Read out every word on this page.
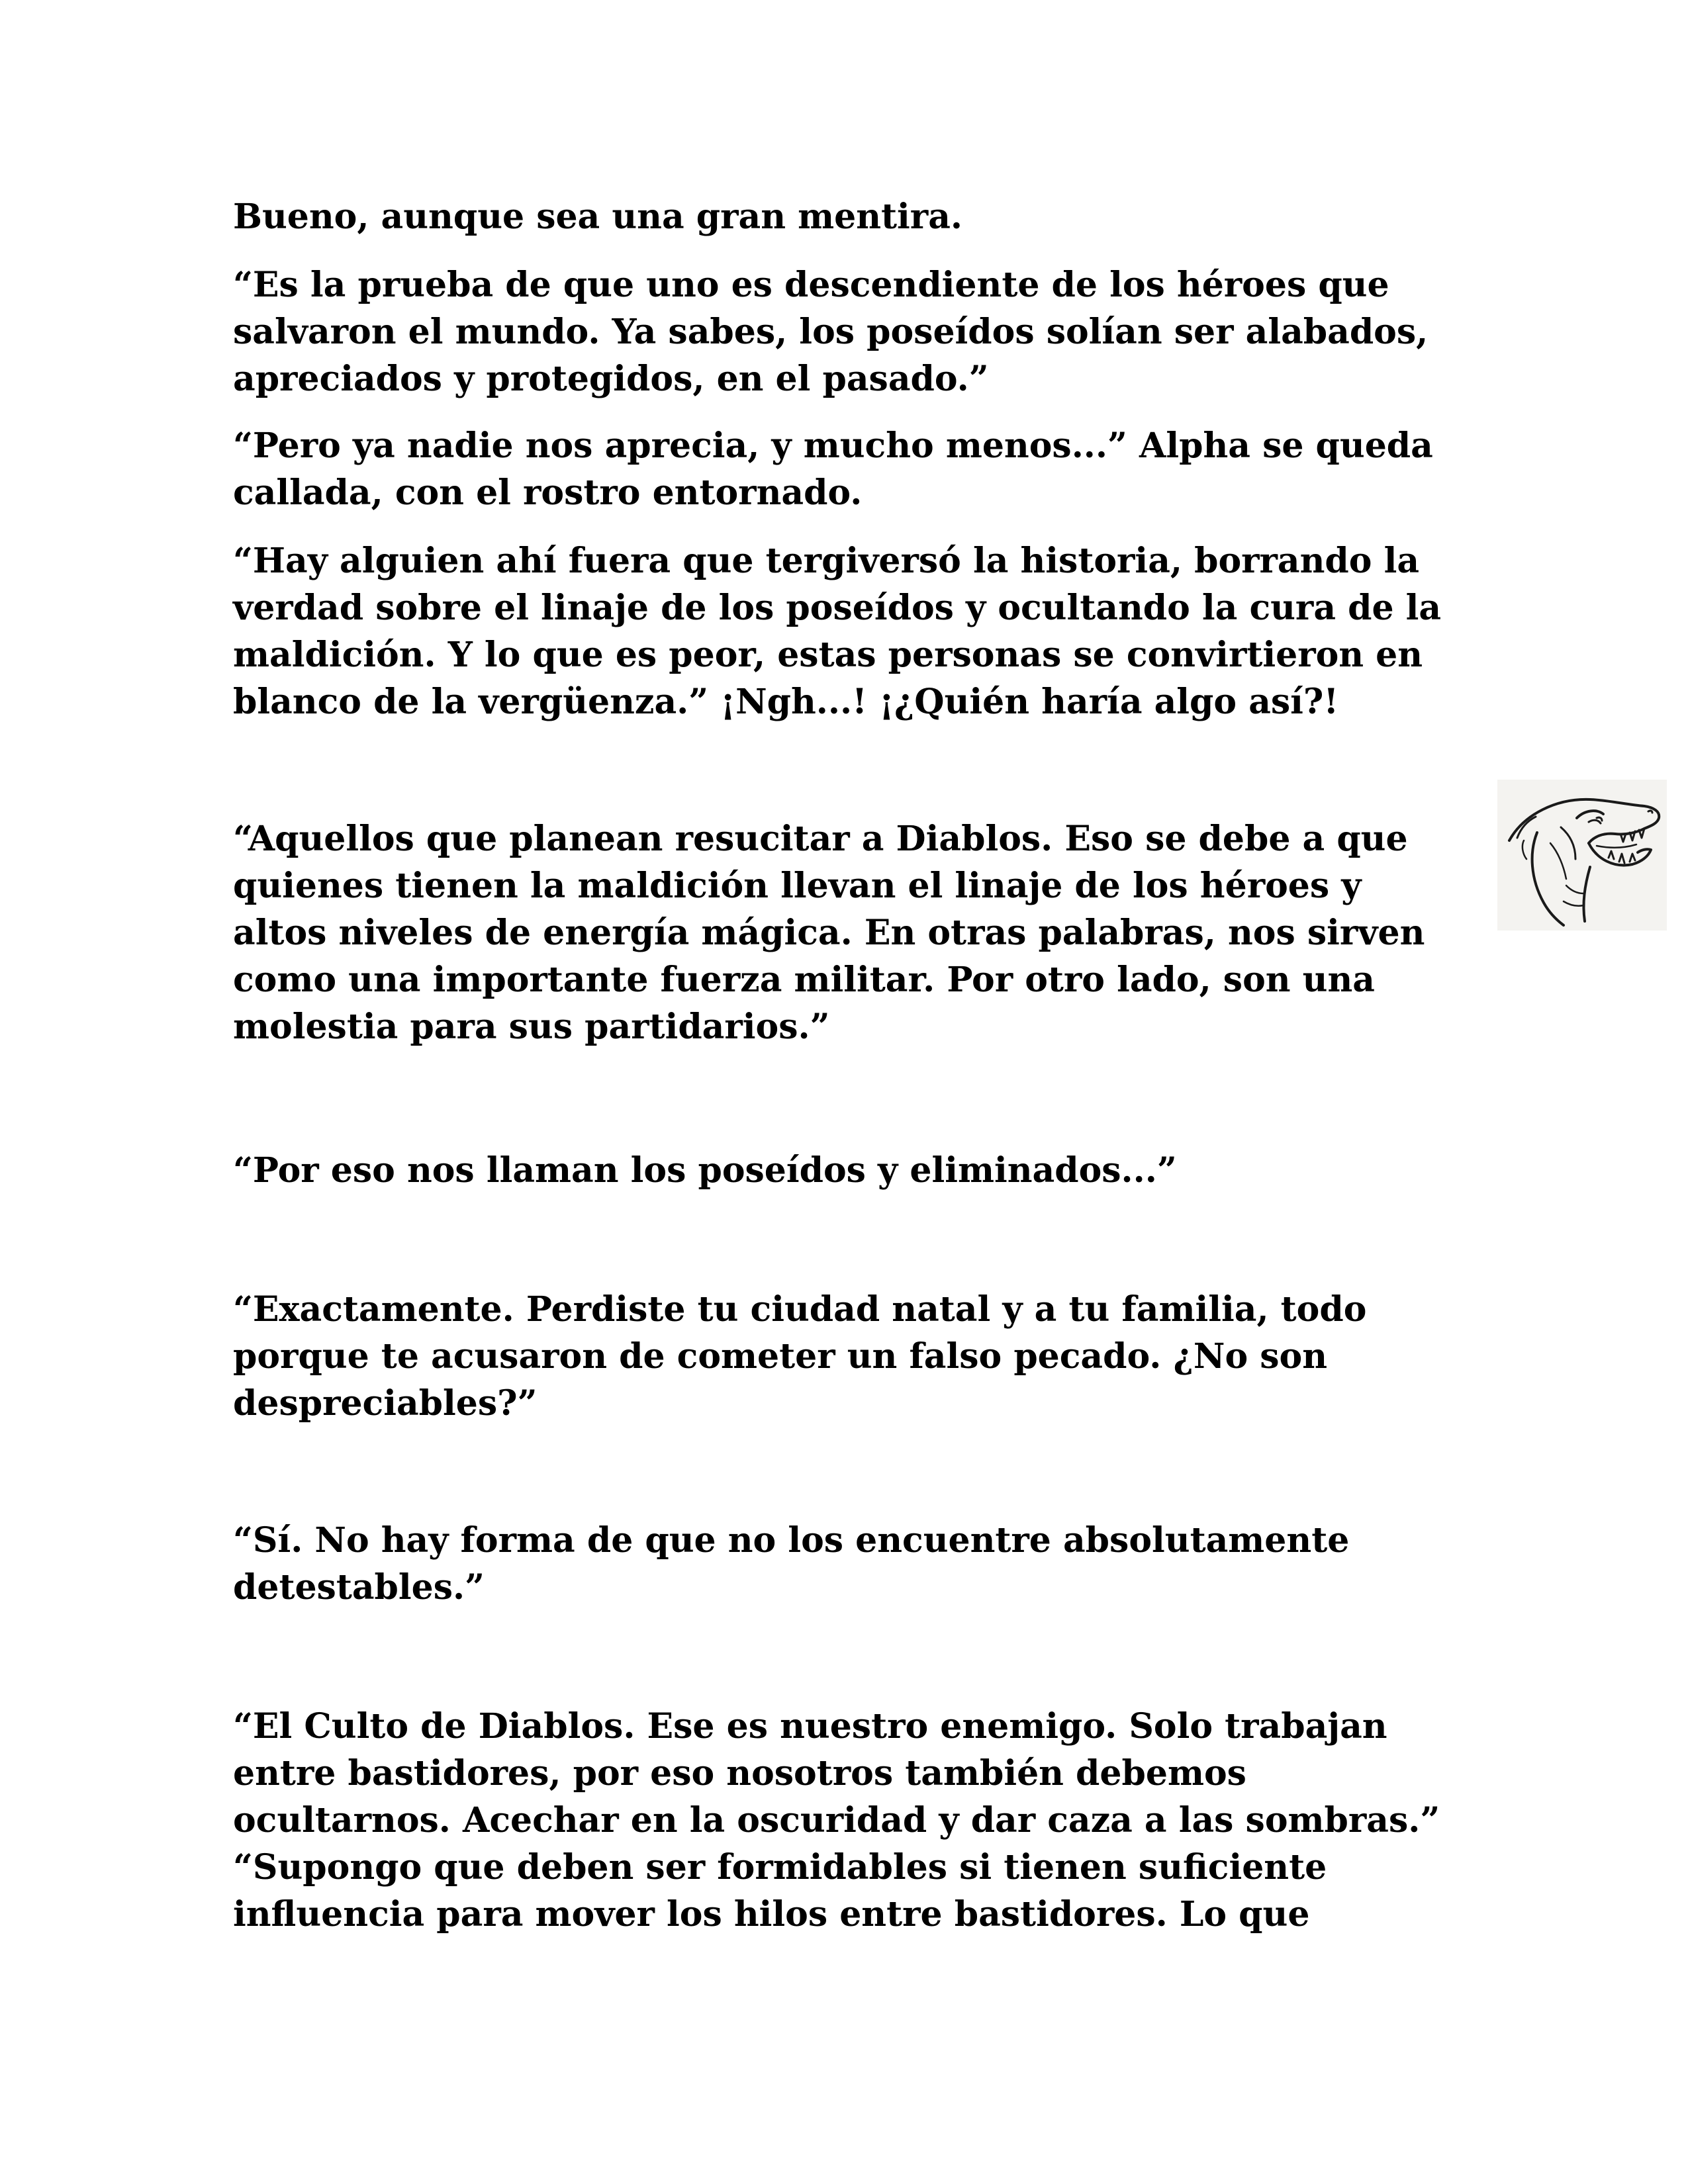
Bueno, aunque sea una gran mentira.

“Es la prueba de que uno es descendiente de los héroes que
salvaron el mundo. Ya sabes, los poseídos solían ser alabados,
apreciados y protegidos, en el pasado.”

“Pero ya nadie nos aprecia, y mucho menos...” Alpha se queda
callada, con el rostro entornado.

“Hay alguien ahí fuera que tergiversó la historia, borrando la
verdad sobre el linaje de los poseídos y ocultando la cura de la
maldición. Y lo que es peor, estas personas se convirtieron en
blanco de la vergüenza.” ¡Ngh...! ¡¿Quién haría algo así?!

“Aquellos que planean resucitar a Diablos. Eso se debe a que
quienes tienen la maldición llevan el linaje de los héroes y
altos niveles de energía mágica. En otras palabras, nos sirven
como una importante fuerza militar. Por otro lado, son una
molestia para sus partidarios.”

“Por eso nos llaman los poseídos y eliminados...”

“Exactamente. Perdiste tu ciudad natal y a tu familia, todo
porque te acusaron de cometer un falso pecado. ¿No son
despreciables?”

“Sí. No hay forma de que no los encuentre absolutamente
detestables.”

“El Culto de Diablos. Ese es nuestro enemigo. Solo trabajan
entre bastidores, por eso nosotros también debemos
ocultarnos. Acechar en la oscuridad y dar caza a las sombras.”
“Supongo que deben ser formidables si tienen suficiente
influencia para mover los hilos entre bastidores. Lo que
